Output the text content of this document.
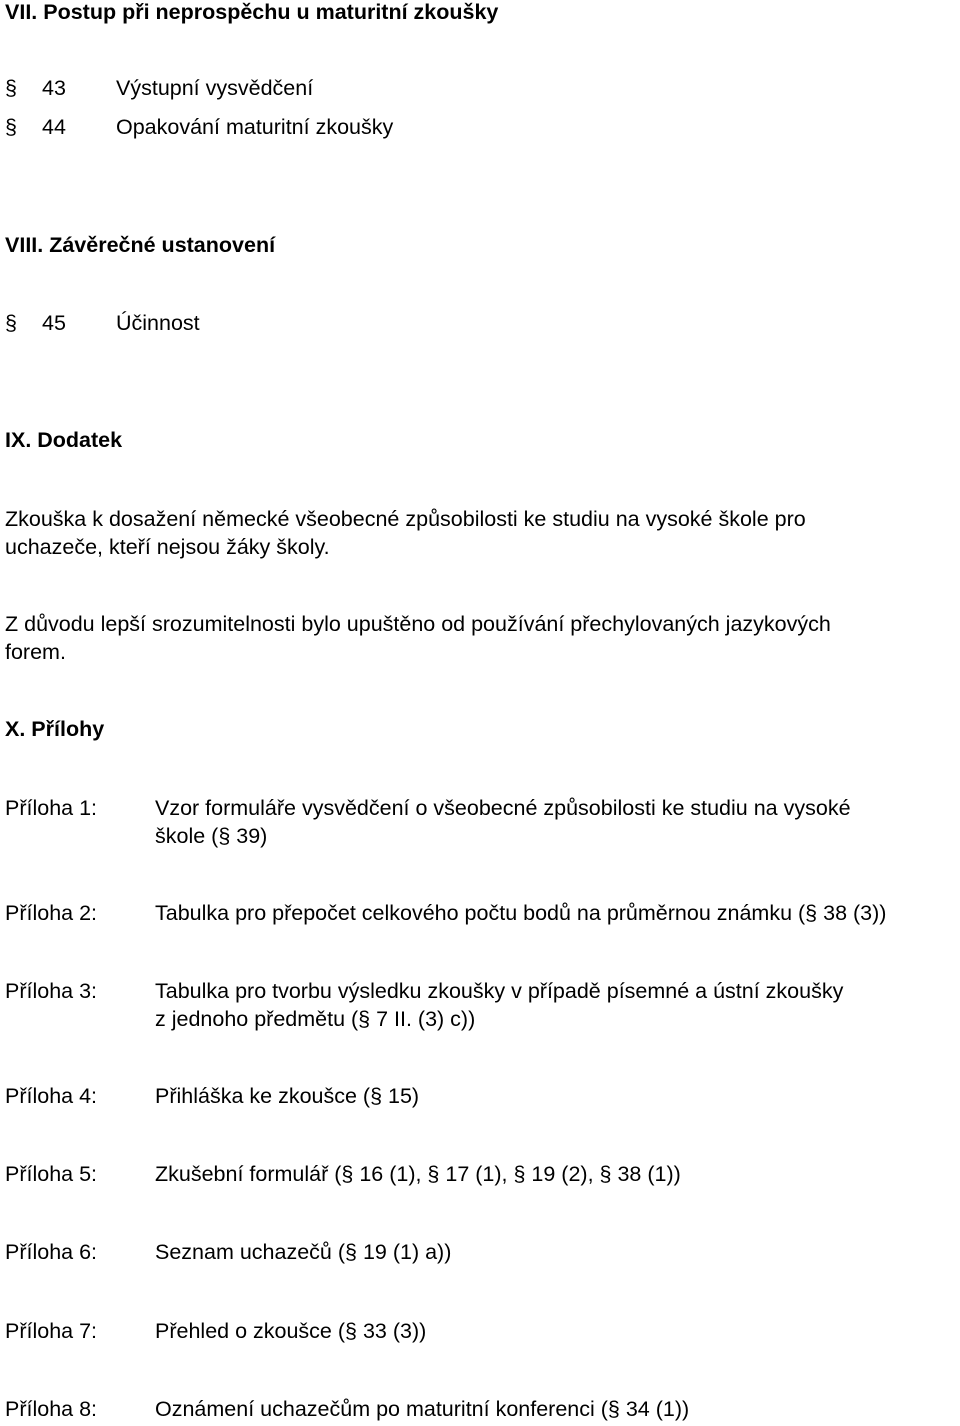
VII. Postup při neprospěchu u maturitní zkoušky
§ 43 Výstupní vysvědčení
§ 44 Opakování maturitní zkoušky
VIII. Závěrečné ustanovení
§ 45 Účinnost
IX. Dodatek
Zkouška k dosažení německé všeobecné způsobilosti ke studiu na vysoké škole pro
uchazeče, kteří nejsou žáky školy.
Z důvodu lepší srozumitelnosti bylo upuštěno od používání přechylovaných jazykových
forem.
X. Přílohy
Příloha 1:	Vzor formuláře vysvědčení o všeobecné způsobilosti ke studiu na vysoké
škole (§ 39)
Příloha 2:	Tabulka pro přepočet celkového počtu bodů na průměrnou známku (§ 38 (3))
Příloha 3:	Tabulka pro tvorbu výsledku zkoušky v případě písemné a ústní zkoušky
z jednoho předmětu (§ 7 II. (3) c))
Příloha 4:	Přihláška ke zkoušce (§ 15)
Příloha 5:	Zkušební formulář (§ 16 (1), § 17 (1), § 19 (2), § 38 (1))
Příloha 6:	Seznam uchazečů (§ 19 (1) a))
Příloha 7:	Přehled o zkoušce (§ 33 (3))
Příloha 8:	Oznámení uchazečům po maturitní konferenci (§ 34 (1))
